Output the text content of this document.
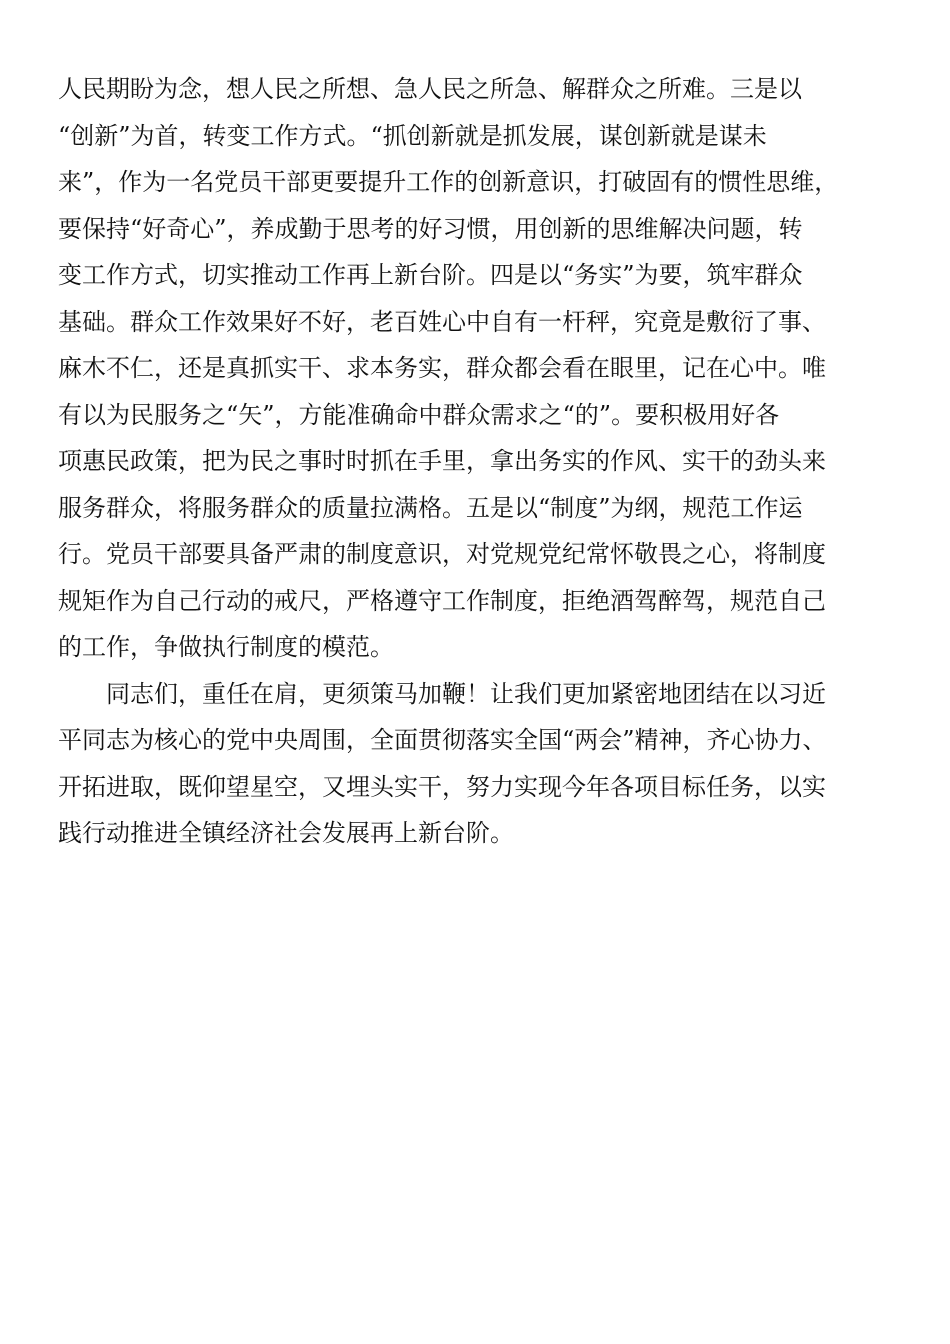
人民期盼为念，想人民之所想、急人民之所急、解群众之所难。三是以
“创新”为首，转变工作方式。“抓创新就是抓发展，谋创新就是谋未
来”，作为一名党员干部更要提升工作的创新意识，打破固有的惯性思维，
要保持“好奇心”，养成勤于思考的好习惯，用创新的思维解决问题，转
变工作方式，切实推动工作再上新台阶。四是以“务实”为要，筑牢群众
基础。群众工作效果好不好，老百姓心中自有一杆秤，究竟是敷衍了事、
麻木不仁，还是真抓实干、求本务实，群众都会看在眼里，记在心中。唯
有以为民服务之“矢”，方能准确命中群众需求之“的”。要积极用好各
项惠民政策，把为民之事时时抓在手里，拿出务实的作风、实干的劲头来
服务群众，将服务群众的质量拉满格。五是以“制度”为纲，规范工作运
行。党员干部要具备严肃的制度意识，对党规党纪常怀敬畏之心，将制度
规矩作为自己行动的戒尺，严格遵守工作制度，拒绝酒驾醉驾，规范自己
的工作，争做执行制度的模范。
同志们，重任在肩，更须策马加鞭！让我们更加紧密地团结在以习近
平同志为核心的党中央周围，全面贯彻落实全国“两会”精神，齐心协力、
开拓进取，既仰望星空，又埋头实干，努力实现今年各项目标任务，以实
践行动推进全镇经济社会发展再上新台阶。
